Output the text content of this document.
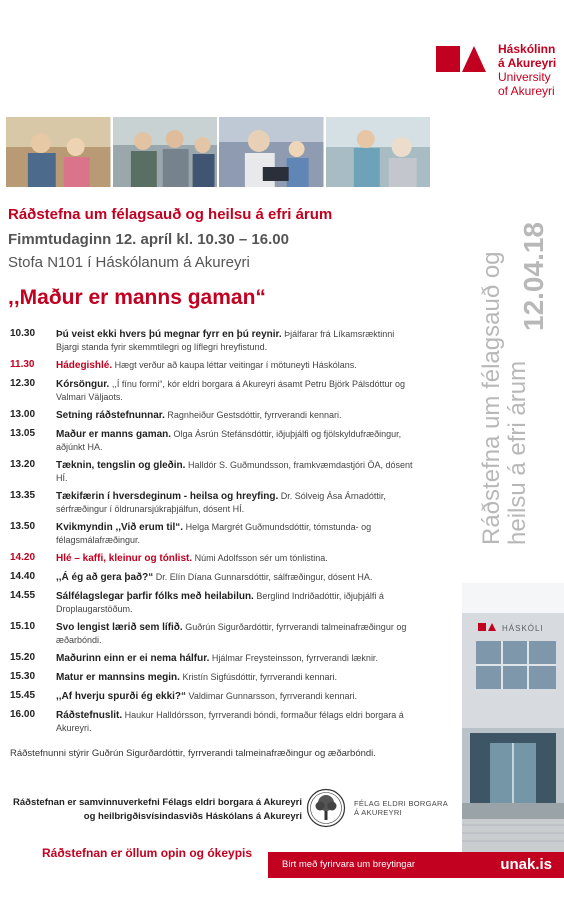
Háskólinn
á Akureyri
University
of Akureyri
Ráðstefna um félagsauð og heilsu á efri árum
Fimmtudaginn 12. apríl kl. 10.30 – 16.00
Stofa N101 í Háskólanum á Akureyri
,,Maður er manns gaman“
10.30 Þú veist ekki hvers þú megnar fyrr en þú reynir. Þjálfarar frá Líkamsræktinni Bjargi standa fyrir skemmtilegri og líflegri hreyfistund.
11.30 Hádegishlé. Hægt verður að kaupa léttar veitingar í mötuneyti Háskólans.
12.30 Kórsöngur. ,,Í fínu formi“, kór eldri borgara á Akureyri ásamt Petru Björk Pálsdóttur og Valmari Väljaots.
13.00 Setning ráðstefnunnar. Ragnheiður Gestsdóttir, fyrrverandi kennari.
13.05 Maður er manns gaman. Olga Ásrún Stefánsdóttir, iðjuþjálfi og fjölskyldufræðingur, aðjúnkt HA.
13.20 Tæknin, tengslin og gleðin. Halldór S. Guðmundsson, framkvæmdastjóri ÖA, dósent HÍ.
13.35 Tækifærin í hversdeginum - heilsa og hreyfing. Dr. Sólveig Ása Árnadóttir, sérfræðingur í öldrunarsjúkraþjálfun, dósent HÍ.
13.50 Kvikmyndin ,,Við erum til“. Helga Margrét Guðmundsdóttir, tómstunda- og félagsmálafræðingur.
14.20 Hlé – kaffi, kleinur og tónlist. Númi Adolfsson sér um tónlistina.
14.40 ,,Á ég að gera það?“ Dr. Elín Díana Gunnarsdóttir, sálfræðingur, dósent HA.
14.55 Sálfélagslegar þarfir fólks með heilabilun. Berglind Indriðadóttir, iðjuþjálfi á Droplaugarstöðum.
15.10 Svo lengist lærið sem lífið. Guðrún Sigurðardóttir, fyrrverandi talmeinafræðingur og æðarbóndi.
15.20 Maðurinn einn er ei nema hálfur. Hjálmar Freysteinsson, fyrrverandi læknir.
15.30 Matur er mannsins megin. Kristín Sigfúsdóttir, fyrrverandi kennari.
15.45 ,,Af hverju spurði ég ekki?“ Valdimar Gunnarsson, fyrrverandi kennari.
16.00 Ráðstefnuslit. Haukur Halldórsson, fyrrverandi bóndi, formaður félags eldri borgara á Akureyri.
Ráðstefnunni stýrir Guðrún Sigurðardóttir, fyrrverandi talmeinafræðingur og æðarbóndi.
Ráðstefna um félagsauð og heilsu á efri árum
12.04.18
HÁSKÓLI
Ráðstefnan er samvinnuverkefni Félags eldri borgara á Akureyri
og heilbrigðisvísindasviðs Háskólans á Akureyri
FÉLAG ELDRI BORGARA
Á AKUREYRI
Ráðstefnan er öllum opin og ókeypis
Birt með fyrirvara um breytingar	unak.is
